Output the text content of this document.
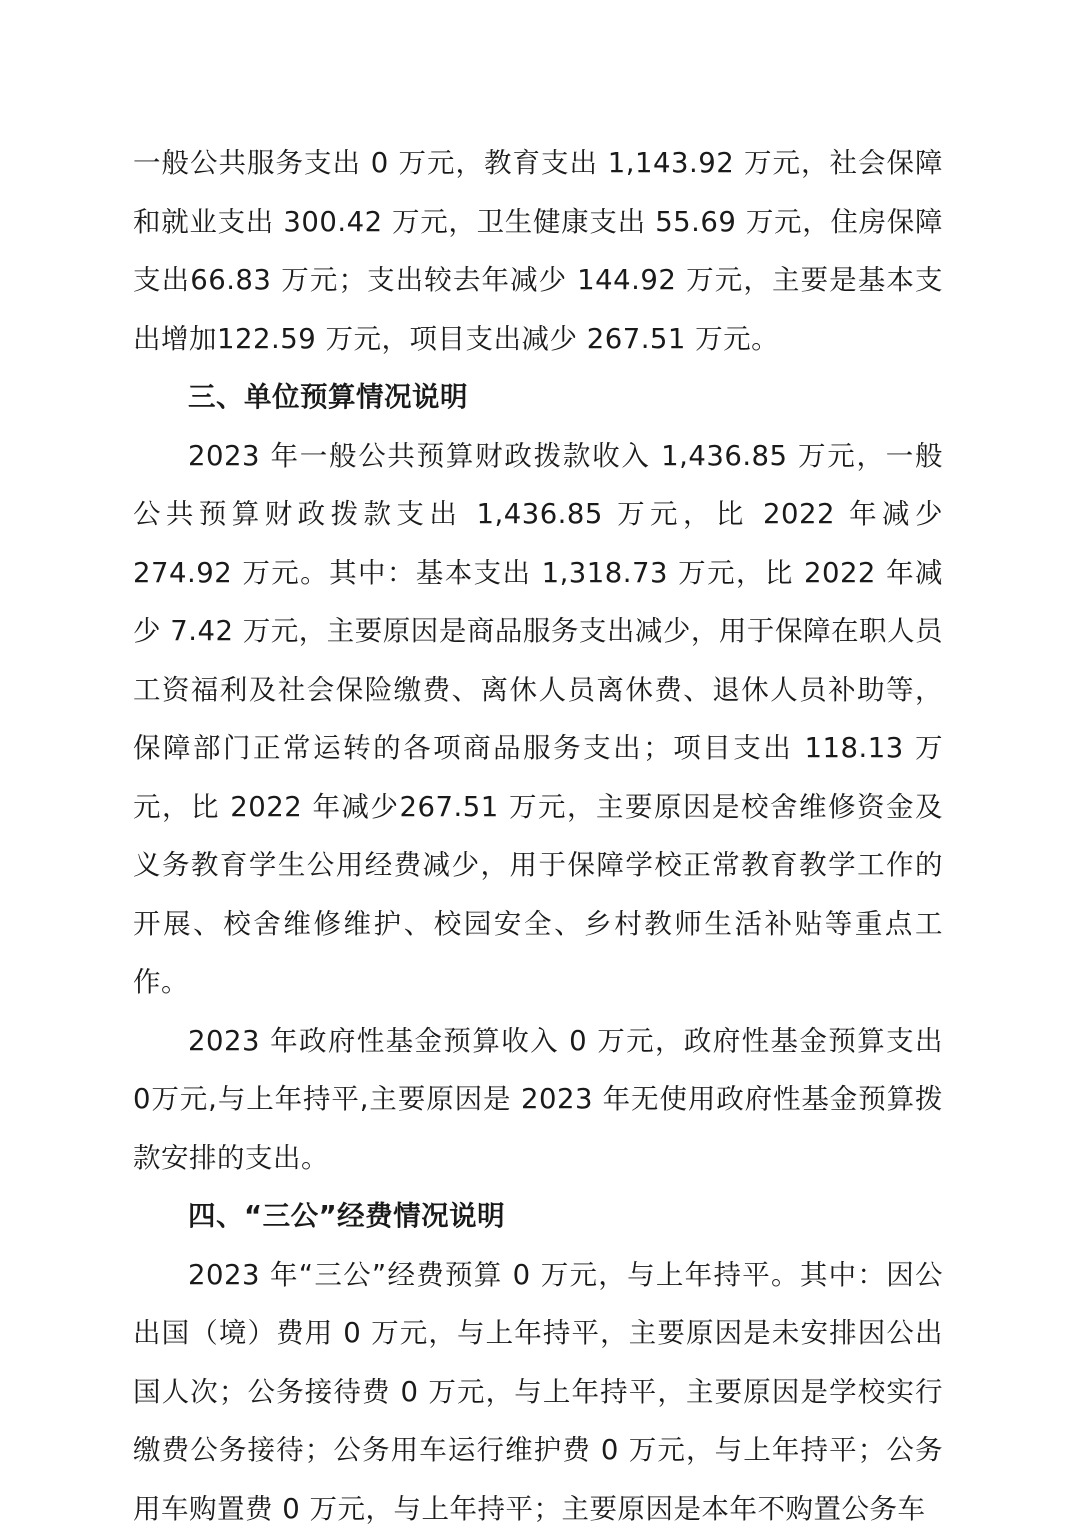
一般公共服务支出 0 万元，教育支出 1,143.92 万元，社会保障和就业支出 300.42 万元，卫生健康支出 55.69 万元，住房保障支出66.83 万元；支出较去年减少 144.92 万元，主要是基本支出增加122.59 万元，项目支出减少 267.51 万元。

三、单位预算情况说明

2023 年一般公共预算财政拨款收入 1,436.85 万元，一般公共预算财政拨款支出 1,436.85 万元，比 2022 年减少 274.92 万元。其中：基本支出 1,318.73 万元，比 2022 年减少 7.42 万元，主要原因是商品服务支出减少，用于保障在职人员工资福利及社会保险缴费、离休人员离休费、退休人员补助等，保障部门正常运转的各项商品服务支出；项目支出 118.13 万元，比 2022 年减少267.51 万元，主要原因是校舍维修资金及义务教育学生公用经费减少，用于保障学校正常教育教学工作的开展、校舍维修维护、校园安全、乡村教师生活补贴等重点工作。

2023 年政府性基金预算收入 0 万元，政府性基金预算支出 0万元,与上年持平,主要原因是 2023 年无使用政府性基金预算拨款安排的支出。

四、“三公”经费情况说明

2023 年“三公”经费预算 0 万元，与上年持平。其中：因公出国（境）费用 0 万元，与上年持平，主要原因是未安排因公出国人次；公务接待费 0 万元，与上年持平，主要原因是学校实行缴费公务接待；公务用车运行维护费 0 万元，与上年持平；公务用车购置费 0 万元，与上年持平；主要原因是本年不购置公务车
